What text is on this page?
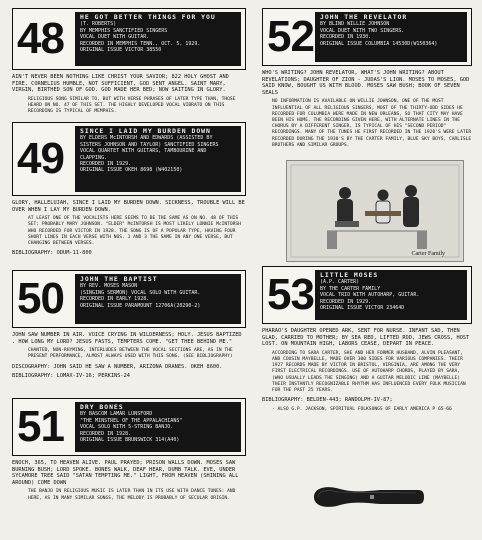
48	HE GOT BETTER THINGS FOR YOU
(T. ROBERTS)
BY MEMPHIS SANCTIFIED SINGERS
VOCAL DUET WITH GUITAR.
RECORDED IN MEMPHIS TENN., OCT. 5, 1929.
ORIGINAL ISSUE VICTOR 38550

AIN'T NEVER BEEN NOTHING LIKE CHRIST YOUR SAVIOR; 822 HOLY GHOST AND FIRE, CORNELIUS HUMBLE, NOT SUFFICIENT, GOD SENT ANGEL. SAINT MARY, VIRGIN, BIRTHED SON OF GOD. GOD MADE HER BED; NOW SAITING IN GLORY.

RELIGIOUS SONG SIMILAR TO, BUT WITH VERSE PHRASES OF LATER TYPE THAN, THOSE HEARD ON NO. 47 OF THIS SET. THE HIGHLY DEVELOPED VOCAL VIBRATO ON THIS RECORDING IS TYPICAL OF MEMPHIS.

49
SINCE I LAID MY BURDEN DOWN
BY ELDERS McINTORSH AND EDWARDS (ASSISTED BY SISTERS JOHNSON AND TAYLOR) SANCTIFIED SINGERS
VOCAL QUARTET WITH GUITARS, TAMBOURINE AND CLAPPING.
RECORDED IN 1929.
ORIGINAL ISSUE OKEH 8698 (W402150)

GLORY, HALLELUJAH, SINCE I LAID MY BURDEN DOWN. SICKNESS, TROUBLE WILL BE OVER WHEN I LAY MY BURDEN DOWN.

AT LEAST ONE OF THE VOCALISTS HERE SEEMS TO BE THE SAME AS ON NO. 48 OF THIS SET; PROBABLY MARY JOHNSON. "ELDER" McINTORSH IS MOST LIKELY LONNIE McINTORSH WHO RECORDED FOR VICTOR IN 1928. THE SONG IS OF A POPULAR TYPE, HAVING FOUR SHORT LINES IN EACH VERSE WITH NOS. 1 AND 3 THE SAME IN ANY ONE VERSE, BUT CHANGING BETWEEN VERSES.

BIBLIOGRAPHY: ODUM-11-800

50	JOHN THE BAPTIST
BY REV. MOSES MASON
(SINGING SERMON) VOCAL SOLO WITH GUITAR.
RECORDED IN EARLY 1928.
ORIGINAL ISSUE PARAMOUNT 12706A(20290-2)

JOHN SAW NUMBER IN AIR. VOICE CRYING IN WILDERNESS; HOLY. JESUS BAPTIZED . HOW LONG MY LORD? JESUS FASTS, TEMPTERS COME. "GET THEE BEHIND ME."

CHANTED, NON-RHYMING, INTERLUDES BETWEEN THE VOCAL SECTIONS ARE, AS IN THE PRESENT PERFORMANCE, ALMOST ALWAYS USED WITH THIS SONG. (SEE BIBLIOGRAPHY)

DISCOGRAPHY: JOHN SAID HE SAW A NUMBER, ARIZONA DRANES. OKEH 8600.

BIBLIOGRAPHY: LOMAX-IV-16; PERKINS-24

51	DRY BONES
BY BASCOM LAMAR LUNSFORD
"THE MINSTREL OF THE APPALACHIANS"
VOCAL SOLO WITH 5-STRING BANJO.
RECORDED IN 1928.
ORIGINAL ISSUE BRUNSWICK 314(A40)

ENOCH, 365, TO HEAVEN ALIVE. PAUL PRAYED; PRISON WALLS DOWN. MOSES SAW BURNING BUSH; LORD SPOKE. BONES WALK, DEAF HEAR, DUMB TALK. EVE, UNDER SYCAMORE TREE SAID "SATAN TEMPTING ME." LIGHT, FROM HEAVEN (SHINING ALL AROUND) COME DOWN

THE BANJO IN RELIGIOUS MUSIC IS LATER THAN IN ITS USE WITH DANCE TUNES: AND HERE, AS IN MANY SIMILAR SONGS, THE MELODY IS PROBABLY OF SECULAR ORIGIN.

52 JOHN THE REVELATOR
BY BLIND WILLIE JOHNSON
VOCAL DUET WITH TWO SINGERS.
RECORDED IN 1930.
ORIGINAL ISSUE COLUMBIA 14530D(W150364)

WHO'S WRITING? JOHN REVELATOR, WHAT'S JOHN WRITING? ABOUT REVELATIONS; DAUGHTER OF ZION - JUDAS'S LION. MOSES TO MOSES, GOD SAID KNOW, BOUGHT US WITH BLOOD. MOSES SAW BUSH; BOOK OF SEVEN SEALS

NO INFORMATION IS AVAILABLE ON WILLIE JOHNSON, ONE OF THE MOST INFLUENTIAL OF ALL RELIGIOUS SINGERS, MOST OF THE THIRTY-ODD SIDES HE RECORDED FOR COLUMBIA WERE MADE IN NEW ORLEANS, SO THAT CITY MAY HAVE BEEN HIS HOME. THE RECORDING GIVEN HERE, WITH ALTERNATE LINES IN THE CHORUS BY A DIFFERENT SINGER, IS TYPICAL OF HIS "SECOND PERIOD" RECORDINGS. MANY OF THE TUNES HE FIRST RECORDED IN THE 1920'S WERE LATER RECORDED DURING THE 1930'S BY THE CARTER FAMILY, BLUE SKY BOYS, CARLISLE BROTHERS AND SIMILAR GROUPS.

Carter Family
53 LITTLE MOSES
(A.P. CARTER)
BY THE CARTER FAMILY
VOCAL TRIO WITH AUTOHARP, GUITAR.
RECORDED IN 1929.
ORIGINAL ISSUE VICTOR 23464D

PHARAO'S DAUGHTER OPENED ARK, SENT FOR NURSE. INFANT SAD, THEN GLAD, CARRIED TO MOTHER; BY SEA RED, LIFTED ROD, JEWS CROSS, HOST LOST. ON MOUNTAIN HIGH, LABORS CEASE, DEPART IN PEACE.

ACCORDING TO SARA CARTER, SHE AND HER FORMER HUSBAND, ALVIN PLEASANT, AND COUSIN MAYBELLE, MADE OVER 300 SIDES FOR VARIOUS COMPANIES. THEIR 1927 RECORDS MADE BY VICTOR IN BRISTOL, VIRGINIA, ARE AMONG THE VERY FIRST ELECTRICAL RECORDINGS. USE OF AUTOHARP CHORDS, PLAYED BY SARA, (WHO USUALLY LEADS THE SINGING) AND A GUITAR MELODIC LINE (MAYBELLE) THEIR INSTANTLY RECOGNIZABLE RHYTHM HAS INFLUENCED EVERY FOLK MUSICIAN FOR THE PAST 25 YEARS.

BIBLIOGRAPHY: BELDEN-443; RANDOLPH-IV-87;

- ALSO G.P. JACKSON, SPIRITUAL FOLKSONGS OF EARLY AMERICA P 65-66
